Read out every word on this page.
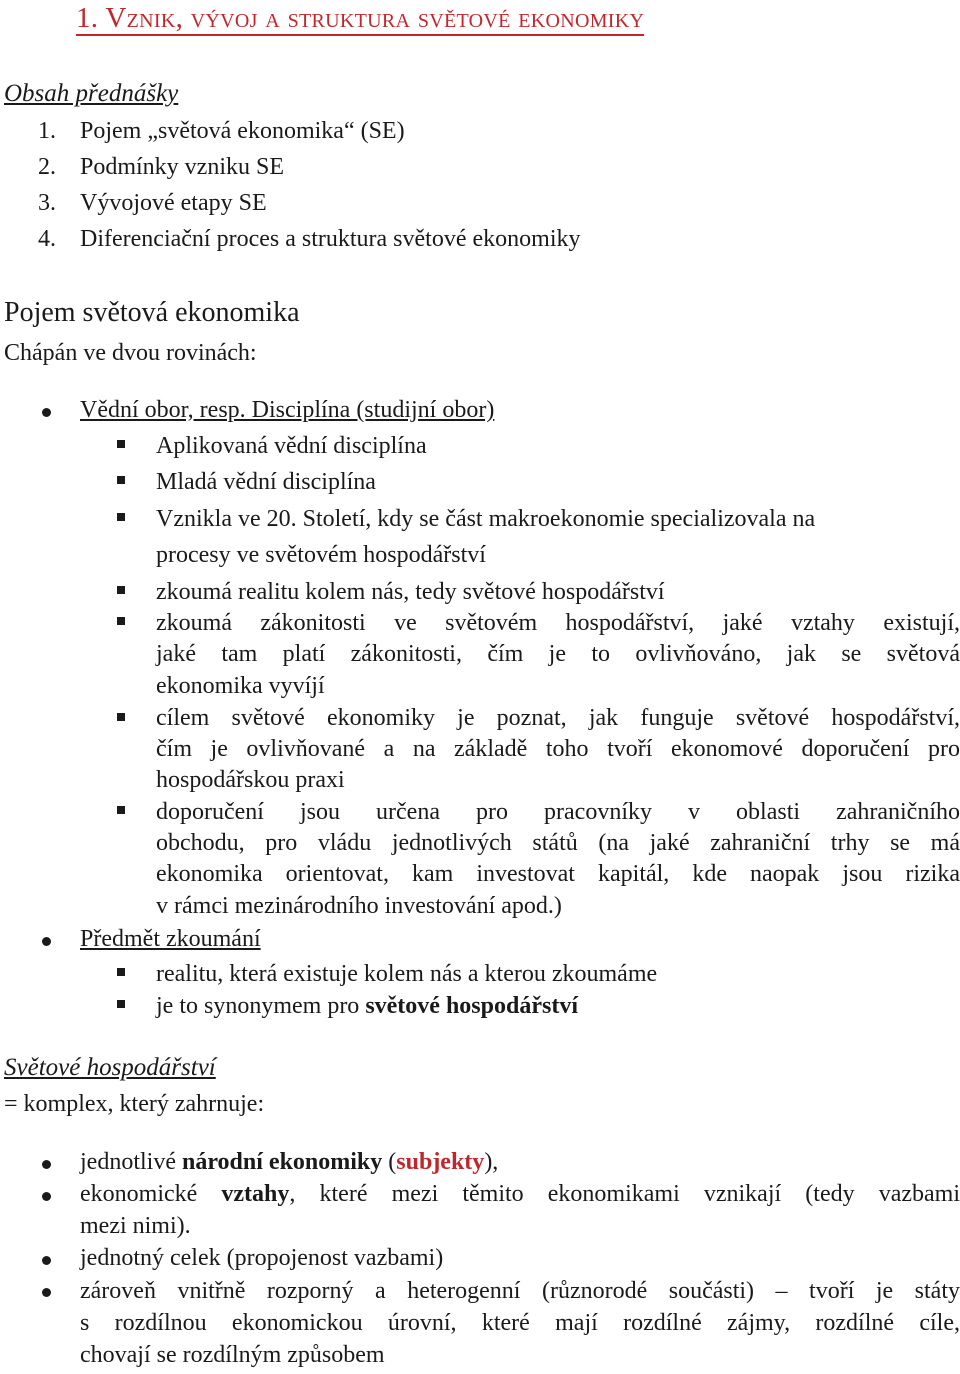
1. Vznik, vývoj a struktura světové ekonomiky
Obsah přednášky
1. Pojem „světová ekonomika“ (SE)
2. Podmínky vzniku SE
3. Vývojové etapy SE
4. Diferenciační proces a struktura světové ekonomiky
Pojem světová ekonomika
Chápán ve dvou rovinách:
Vědní obor, resp. Disciplína (studijní obor)
Aplikovaná vědní disciplína
Mladá vědní disciplína
Vznikla ve 20. Století, kdy se část makroekonomie specializovala na
procesy ve světovém hospodářství
zkoumá realitu kolem nás, tedy světové hospodářství
zkoumá zákonitosti ve světovém hospodářství, jaké vztahy existují,
jaké tam platí zákonitosti, čím je to ovlivňováno, jak se světová
ekonomika vyvíjí
cílem světové ekonomiky je poznat, jak funguje světové hospodářství,
čím je ovlivňované a na základě toho tvoří ekonomové doporučení pro
hospodářskou praxi
doporučení jsou určena pro pracovníky v oblasti zahraničního
obchodu, pro vládu jednotlivých států (na jaké zahraniční trhy se má
ekonomika orientovat, kam investovat kapitál, kde naopak jsou rizika
v rámci mezinárodního investování apod.)
Předmět zkoumání
realitu, která existuje kolem nás a kterou zkoumáme
je to synonymem pro světové hospodářství
Světové hospodářství
= komplex, který zahrnuje:
jednotlivé národní ekonomiky (subjekty),
ekonomické vztahy, které mezi těmito ekonomikami vznikají (tedy vazbami
mezi nimi).
jednotný celek (propojenost vazbami)
zároveň vnitřně rozporný a heterogenní (různorodé součásti) – tvoří je státy
s rozdílnou ekonomickou úrovní, které mají rozdílné zájmy, rozdílné cíle,
chovají se rozdílným způsobem
